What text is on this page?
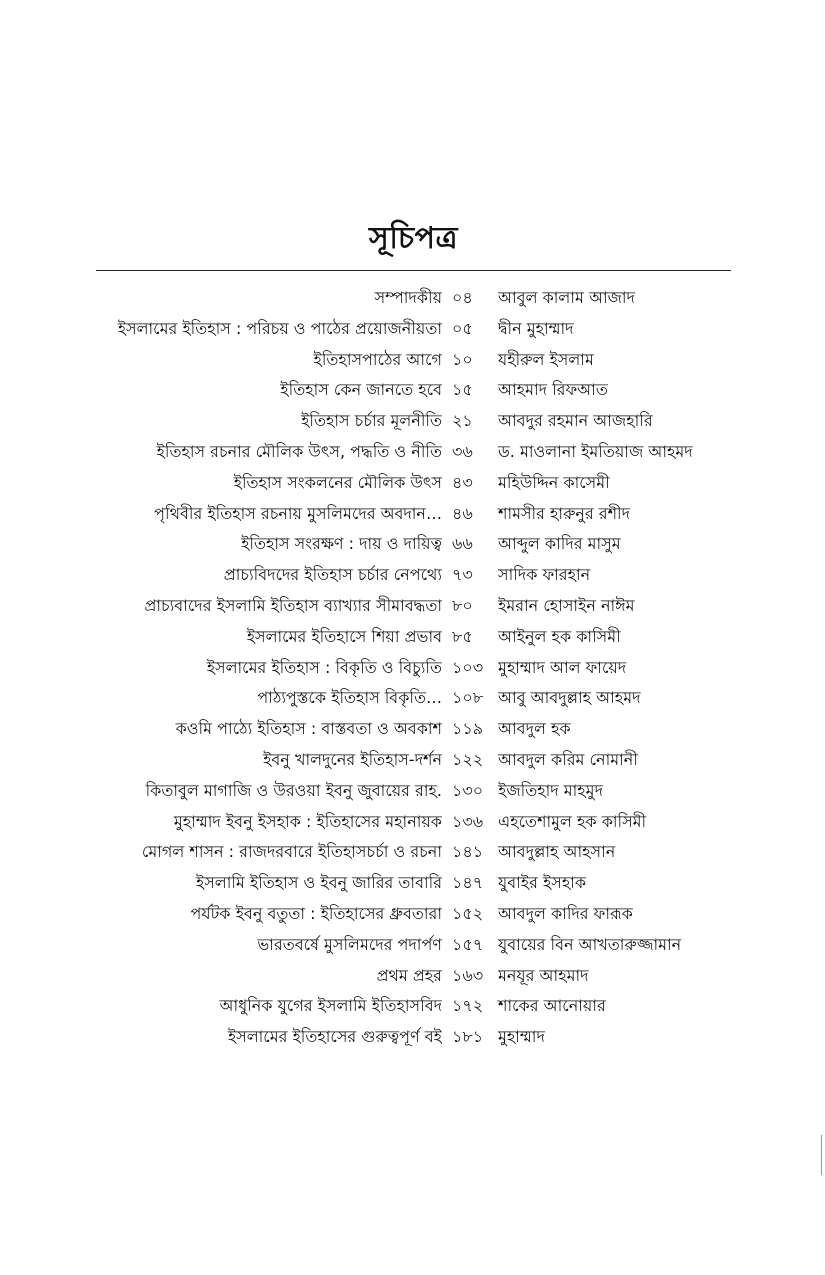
সূচিপত্র
সম্পাদকীয় ০৪	আবুল কালাম আজাদ
ইসলামের ইতিহাস : পরিচয় ও পাঠের প্রয়োজনীয়তা ০৫	দ্বীন মুহাম্মাদ
ইতিহাসপাঠের আগে ১০	যহীরুল ইসলাম
ইতিহাস কেন জানতে হবে ১৫	আহমাদ রিফআত
ইতিহাস চর্চার মূলনীতি ২১	আবদুর রহমান আজহারি
ইতিহাস রচনার মৌলিক উৎস, পদ্ধতি ও নীতি ৩৬	ড. মাওলানা ইমতিয়াজ আহমদ
ইতিহাস সংকলনের মৌলিক উৎস ৪৩	মহিউদ্দিন কাসেমী
পৃথিবীর ইতিহাস রচনায় মুসলিমদের অবদান… ৪৬	শামসীর হারুনুর রশীদ
ইতিহাস সংরক্ষণ : দায় ও দায়িত্ব ৬৬	আব্দুল কাদির মাসুম
প্রাচ্যবিদদের ইতিহাস চর্চার নেপথ্যে ৭৩	সাদিক ফারহান
প্রাচ্যবাদের ইসলামি ইতিহাস ব্যাখ্যার সীমাবদ্ধতা ৮০	ইমরান হোসাইন নাঈম
ইসলামের ইতিহাসে শিয়া প্রভাব ৮৫	আইনুল হক কাসিমী
ইসলামের ইতিহাস : বিকৃতি ও বিচ্যুতি ১০৩ মুহাম্মাদ আল ফায়েদ
পাঠ্যপুস্তকে ইতিহাস বিকৃতি… ১০৮ আবু আবদুল্লাহ আহমদ
কওমি পাঠ্যে ইতিহাস : বাস্তবতা ও অবকাশ ১১৯ আবদুল হক
ইবনু খালদুনের ইতিহাস-দর্শন ১২২ আবদুল করিম নোমানী
কিতাবুল মাগাজি ও উরওয়া ইবনু জুবায়ের রাহ. ১৩০ ইজতিহাদ মাহমুদ
মুহাম্মাদ ইবনু ইসহাক : ইতিহাসের মহানায়ক ১৩৬ এহতেশামুল হক কাসিমী
মোগল শাসন : রাজদরবারে ইতিহাসচর্চা ও রচনা ১৪১ আবদুল্লাহ আহসান
ইসলামি ইতিহাস ও ইবনু জারির তাবারি ১৪৭ যুবাইর ইসহাক
পর্যটক ইবনু বতুতা : ইতিহাসের ধ্রুবতারা ১৫২ আবদুল কাদির ফারূক
ভারতবর্ষে মুসলিমদের পদার্পণ ১৫৭ যুবায়ের বিন আখতারুজ্জামান
প্রথম প্রহর ১৬৩ মনযূর আহমাদ
আধুনিক যুগের ইসলামি ইতিহাসবিদ ১৭২ শাকের আনোয়ার
ইসলামের ইতিহাসের গুরুত্বপূর্ণ বই ১৮১ মুহাম্মাদ
